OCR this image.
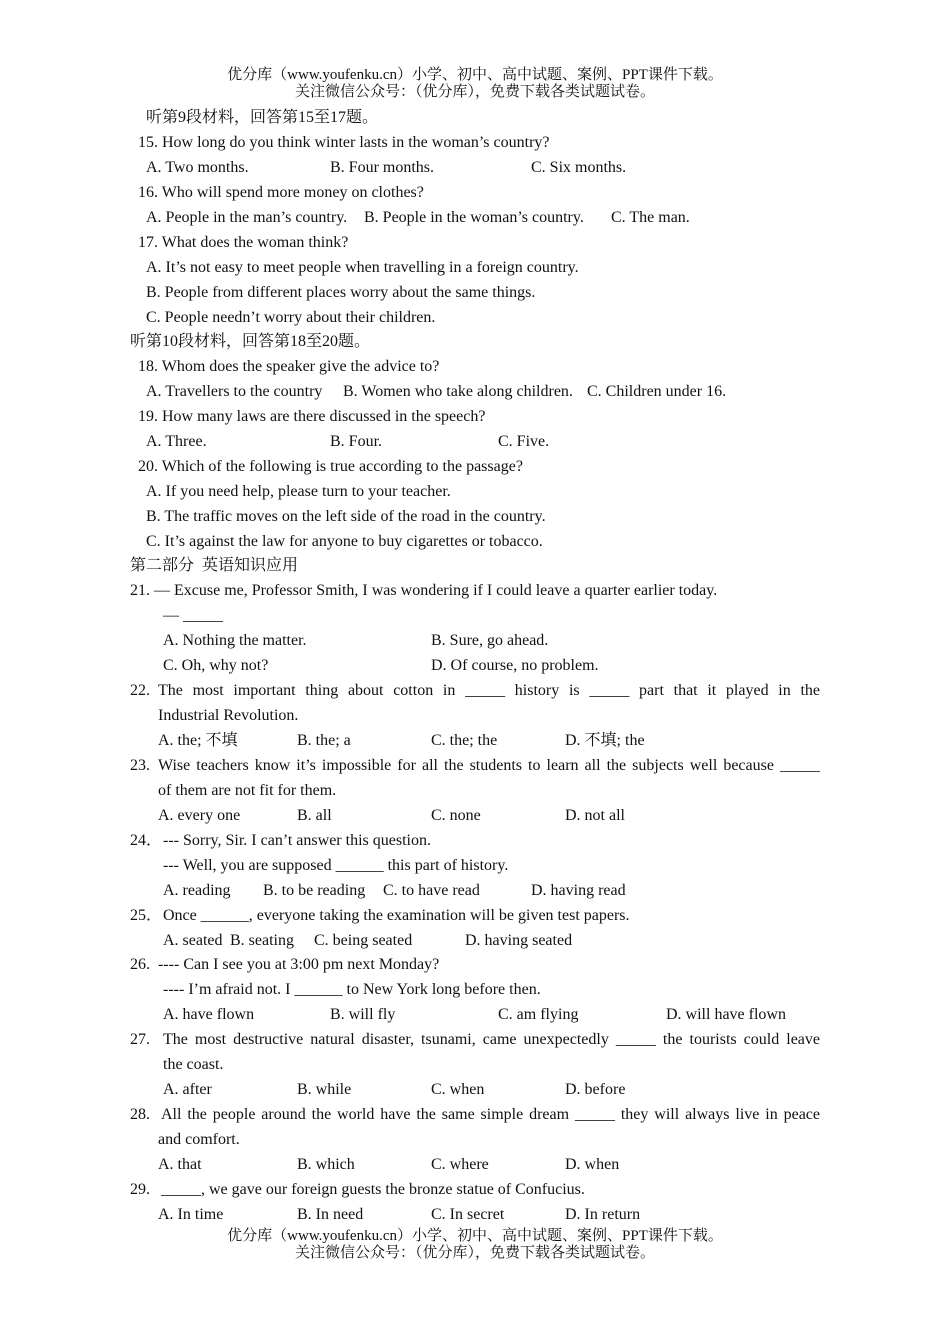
优分库（www.youfenku.cn）小学、初中、高中试题、案例、PPT课件下载。
关注微信公众号：（优分库），免费下载各类试题试卷。
听第9段材料，回答第15至17题。
15. How long do you think winter lasts in the woman’s country?
A. Two months.	B. Four months.	C. Six months.
16. Who will spend more money on clothes?
A. People in the man’s country. B. People in the woman’s country. C. The man.
17. What does the woman think?
A. It’s not easy to meet people when travelling in a foreign country.
B. People from different places worry about the same things.
C. People needn’t worry about their children.
听第10段材料，回答第18至20题。
18. Whom does the speaker give the advice to?
A. Travellers to the country B. Women who take along children. C. Children under 16.
19. How many laws are there discussed in the speech?
A. Three.	B. Four.	C. Five.
20. Which of the following is true according to the passage?
A. If you need help, please turn to your teacher.
B. The traffic moves on the left side of the road in the country.
C. It’s against the law for anyone to buy cigarettes or tobacco.
第二部分  英语知识应用
21. — Excuse me, Professor Smith, I was wondering if I could leave a quarter earlier today.
— _____
A. Nothing the matter.	B. Sure, go ahead.
C. Oh, why not?	D. Of course, no problem.
22. The most important thing about cotton in _____ history is _____ part that it played in the
Industrial Revolution.
A. the; 不填	B. the; a	C. the; the	D. 不填; the
23. Wise teachers know it’s impossible for all the students to learn all the subjects well because _____
of them are not fit for them.
A. every one	B. all	C. none	D. not all
24． --- Sorry, Sir. I can’t answer this question.
--- Well, you are supposed ______ this part of history.
A. reading B. to be reading C. to have read	D. having read
25． Once ______, everyone taking the examination will be given test papers.
A. seated B. seating C. being seated	D. having seated
26. ---- Can I see you at 3:00 pm next Monday?
---- I’m afraid not. I ______ to New York long before then.
A. have flown	B. will fly	C. am flying	D. will have flown
27. The most destructive natural disaster, tsunami, came unexpectedly _____ the tourists could leave
the coast.
A. after	B. while	C. when	D. before
28. All the people around the world have the same simple dream _____ they will always live in peace
and comfort.
A. that	B. which	C. where	D. when
29. _____, we gave our foreign guests the bronze statue of Confucius.
A. In time	B. In need	C. In secret	D. In return
优分库（www.youfenku.cn）小学、初中、高中试题、案例、PPT课件下载。
关注微信公众号：（优分库），免费下载各类试题试卷。
